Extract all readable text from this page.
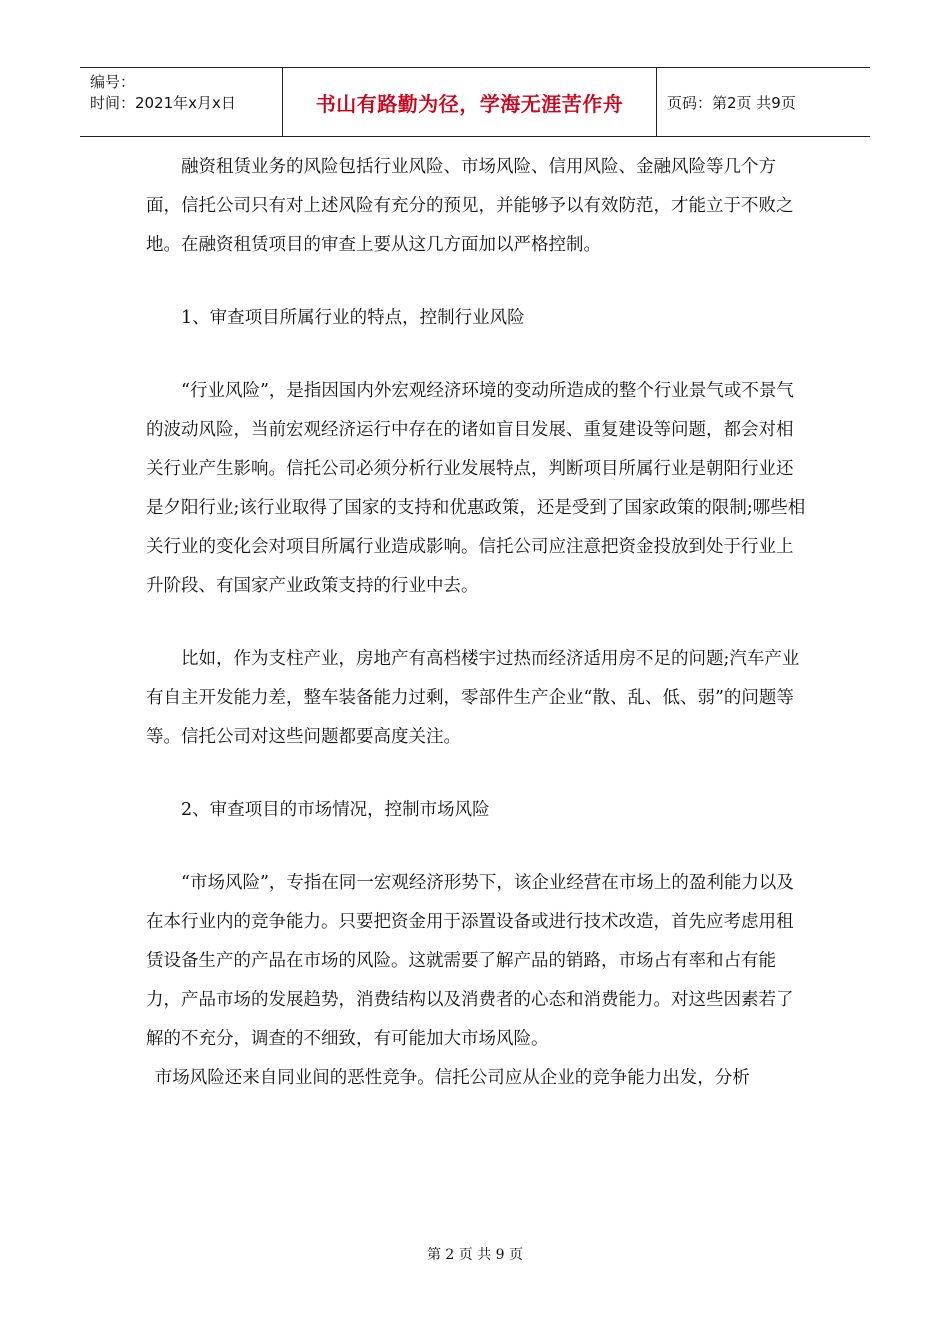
编号：
时间：2021年x月x日	书山有路勤为径，学海无涯苦作舟	页码：第2页 共9页

融资租赁业务的风险包括行业风险、市场风险、信用风险、金融风险等几个方面，信托公司只有对上述风险有充分的预见，并能够予以有效防范，才能立于不败之地。在融资租赁项目的审查上要从这几方面加以严格控制。

1、审查项目所属行业的特点，控制行业风险

“行业风险”，是指因国内外宏观经济环境的变动所造成的整个行业景气或不景气的波动风险，当前宏观经济运行中存在的诸如盲目发展、重复建设等问题，都会对相关行业产生影响。信托公司必须分析行业发展特点，判断项目所属行业是朝阳行业还是夕阳行业;该行业取得了国家的支持和优惠政策，还是受到了国家政策的限制;哪些相关行业的变化会对项目所属行业造成影响。信托公司应注意把资金投放到处于行业上升阶段、有国家产业政策支持的行业中去。

比如，作为支柱产业，房地产有高档楼宇过热而经济适用房不足的问题;汽车产业有自主开发能力差，整车装备能力过剩，零部件生产企业“散、乱、低、弱”的问题等等。信托公司对这些问题都要高度关注。

2、审查项目的市场情况，控制市场风险

“市场风险”，专指在同一宏观经济形势下，该企业经营在市场上的盈利能力以及在本行业内的竞争能力。只要把资金用于添置设备或进行技术改造，首先应考虑用租赁设备生产的产品在市场的风险。这就需要了解产品的销路，市场占有率和占有能力，产品市场的发展趋势，消费结构以及消费者的心态和消费能力。对这些因素若了解的不充分，调查的不细致，有可能加大市场风险。

市场风险还来自同业间的恶性竞争。信托公司应从企业的竞争能力出发，分析

第 2 页 共 9 页
